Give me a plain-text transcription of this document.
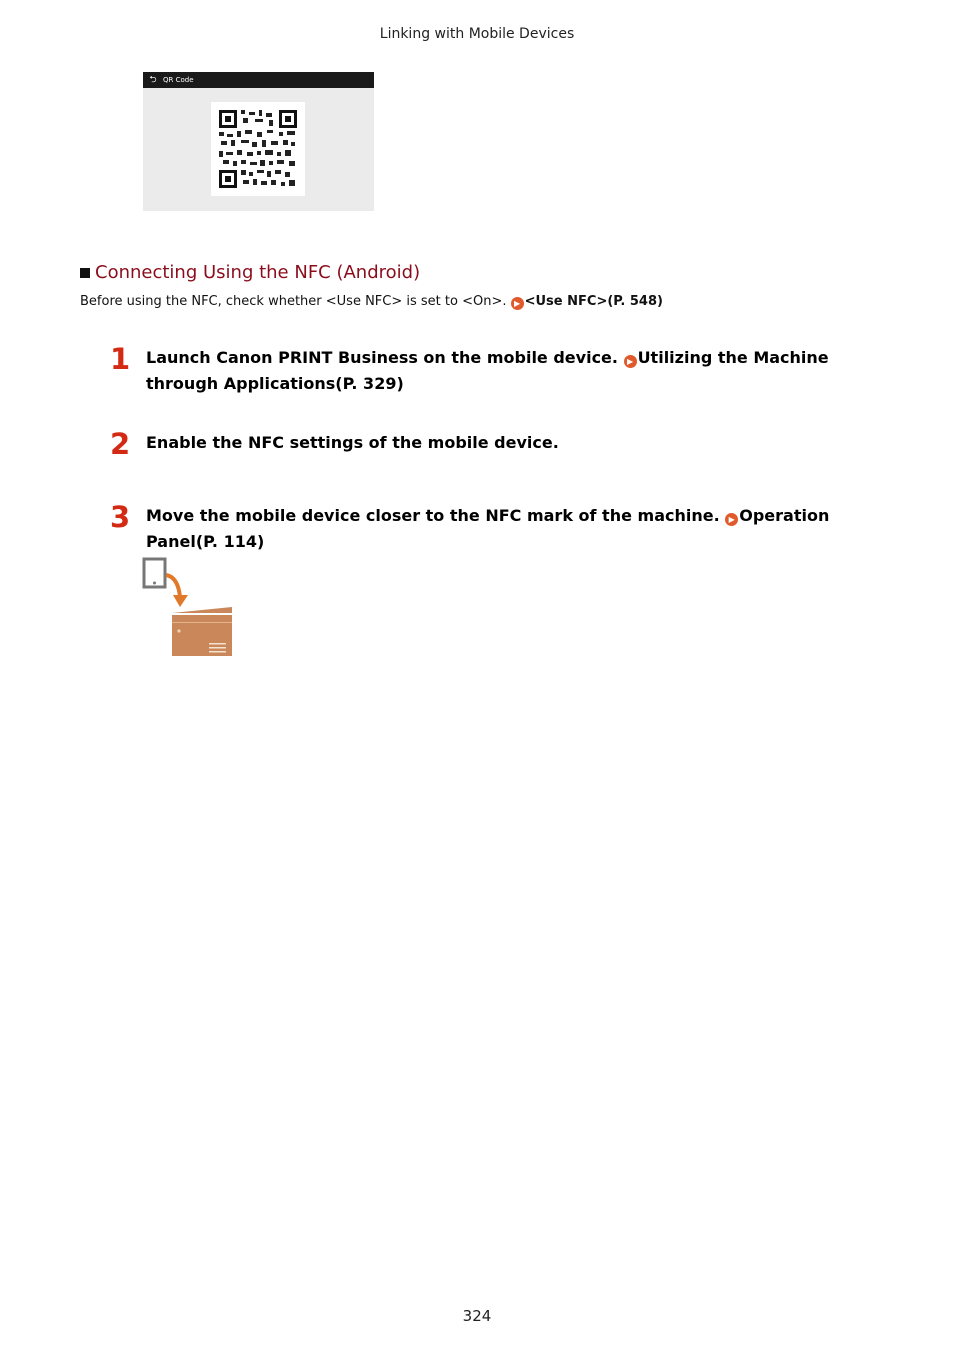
Linking with Mobile Devices
⮌ QR Code
Connecting Using the NFC (Android)
Before using the NFC, check whether <Use NFC> is set to <On>. ▶ <Use NFC>(P. 548)
1 Launch Canon PRINT Business on the mobile device. ▶ Utilizing the Machine through Applications(P. 329)
2 Enable the NFC settings of the mobile device.
3 Move the mobile device closer to the NFC mark of the machine. ▶ Operation Panel(P. 114)
324
